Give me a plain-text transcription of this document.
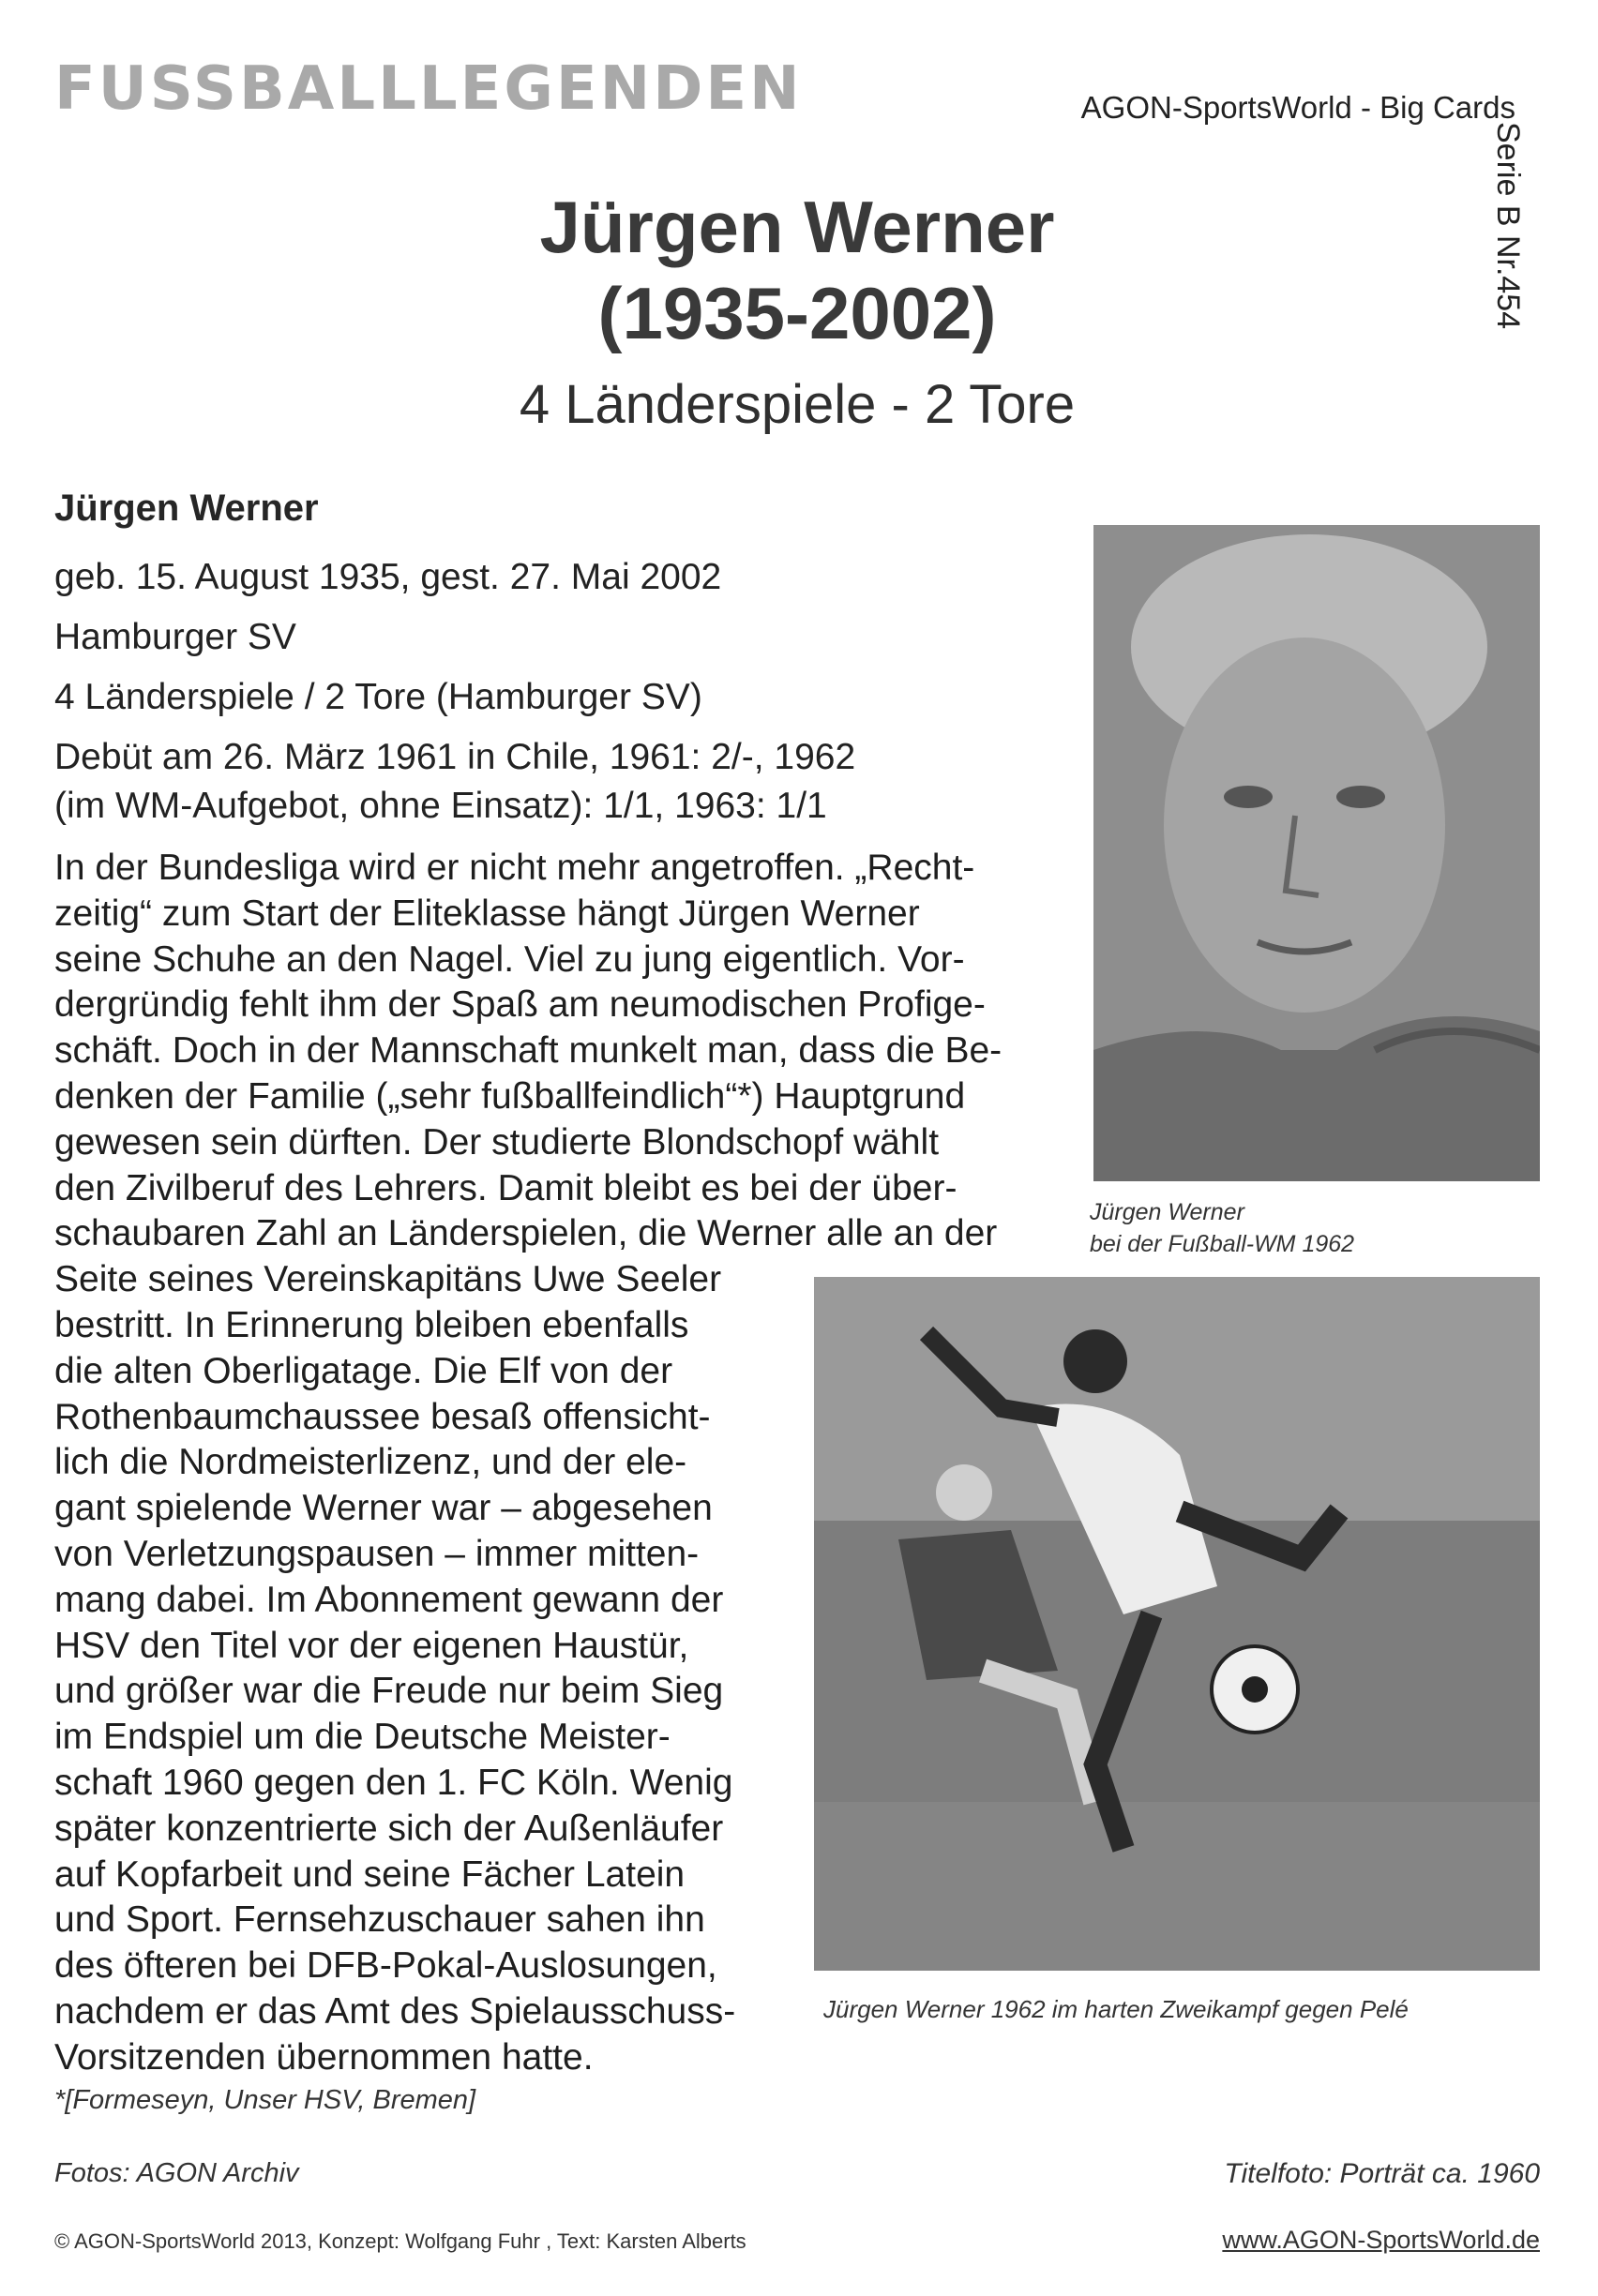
FUSSBALLLEGENDEN	AGON-SportsWorld - Big Cards
Serie B Nr.454
Jürgen Werner
(1935-2002)
4 Länderspiele - 2 Tore
Jürgen Werner
geb. 15. August 1935, gest. 27. Mai 2002
Hamburger SV
4 Länderspiele / 2 Tore (Hamburger SV)
Debüt am 26. März 1961 in Chile, 1961: 2/-, 1962
(im WM-Aufgebot, ohne Einsatz): 1/1, 1963: 1/1
In der Bundesliga wird er nicht mehr angetroffen. „Recht-
zeitig“ zum Start der Eliteklasse hängt Jürgen Werner
seine Schuhe an den Nagel. Viel zu jung eigentlich. Vor-
dergründig fehlt ihm der Spaß am neumodischen Profige-
schäft. Doch in der Mannschaft munkelt man, dass die Be-
denken der Familie („sehr fußballfeindlich“*) Hauptgrund
gewesen sein dürften. Der studierte Blondschopf wählt
den Zivilberuf des Lehrers. Damit bleibt es bei der über-
schaubaren Zahl an Länderspielen, die Werner alle an der
Seite seines Vereinskapitäns Uwe Seeler
bestritt. In Erinnerung bleiben ebenfalls
die alten Oberligatage. Die Elf von der
Rothenbaumchaussee besaß offensicht-
lich die Nordmeisterlizenz, und der ele-
gant spielende Werner war – abgesehen
von Verletzungspausen – immer mitten-
mang dabei. Im Abonnement gewann der
HSV den Titel vor der eigenen Haustür,
und größer war die Freude nur beim Sieg
im Endspiel um die Deutsche Meister-
schaft 1960 gegen den 1. FC Köln. Wenig
später konzentrierte sich der Außenläufer
auf Kopfarbeit und seine Fächer Latein
und Sport. Fernsehzuschauer sahen ihn
des öfteren bei DFB-Pokal-Auslosungen,
nachdem er das Amt des Spielausschuss-
Vorsitzenden übernommen hatte.
Jürgen Werner
bei der Fußball-WM 1962
Jürgen Werner 1962 im harten Zweikampf gegen Pelé
*[Formeseyn, Unser HSV, Bremen]
Fotos: AGON Archiv	Titelfoto: Porträt ca. 1960
© AGON-SportsWorld 2013, Konzept: Wolfgang Fuhr , Text: Karsten Alberts	www.AGON-SportsWorld.de
